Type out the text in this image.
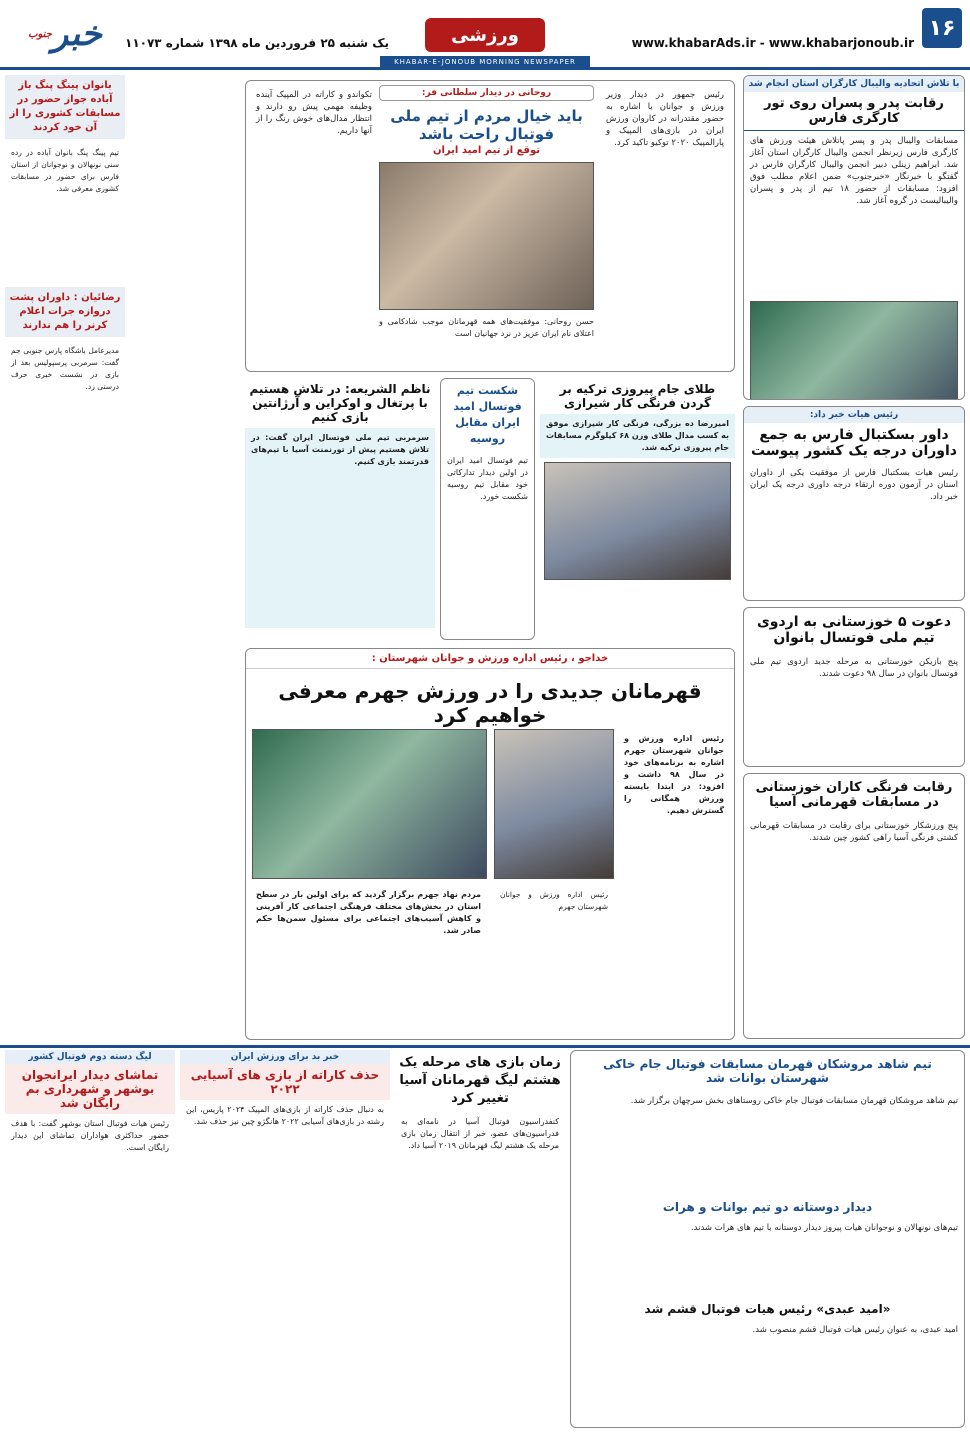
۱۶
www.khabarAds.ir - www.khabarjonoub.ir
ورزشی
یک شنبه ۲۵ فروردین ماه ۱۳۹۸ شماره ۱۱۰۷۳
KHABAR-E-JONOUB MORNING NEWSPAPER
خبر
جنوب
با تلاش اتحادیه والیبال کارگران استان انجام شد
رقابت پدر و پسران روی تور کارگری فارس
مسابقات والیبال پدر و پسر پاتلاش هیئت ورزش های کارگری فارس زیرنظر انجمن والیبال کارگران استان آغاز شد. ابراهیم زینلی دبیر انجمن والیبال کارگران فارس در گفتگو با خبرنگار «خبرجنوب» ضمن اعلام مطلب فوق افزود: مسابقات از حضور ۱۸ تیم از پدر و پسران والیبالیست در گروه آغاز شد.
رئیس هیات خبر داد:
داور بسکتبال فارس به جمع داوران درجه یک کشور پیوست
رئیس هیات بسکتبال فارس از موفقیت یکی از داوران استان در آزمون دوره ارتقاء درجه داوری درجه یک ایران خبر داد.
دعوت ۵ خوزستانی به اردوی تیم ملی فوتسال بانوان
پنج بازیکن خوزستانی به مرحله جدید اردوی تیم ملی فوتسال بانوان در سال ۹۸ دعوت شدند.
رقابت فرنگی کاران خوزستانی در مسابقات قهرمانی آسیا
پنج ورزشکار خوزستانی برای رقابت در مسابقات قهرمانی کشتی فرنگی آسیا راهی کشور چین شدند.
رئیس جمهور در دیدار وزیر ورزش و جوانان با اشاره به حضور مقتدرانه در کاروان ورزش ایران در بازی‌های المپیک و پارالمپیک ۲۰۲۰ توکیو تاکید کرد.
روحانی در دیدار سلطانی فر:
باید خیال مردم از تیم ملی فوتبال راحت باشد
توقع از تیم امید ایران
حسن روحانی: موفقیت‌های همه قهرمانان موجب شادکامی و اعتلای نام ایران عزیز در نزد جهانیان است
تکواندو و کاراته در المپیک آینده وظیفه مهمی پیش رو دارند و انتظار مدال‌های خوش رنگ را از آنها داریم.
طلای جام پیروزی ترکیه بر گردن فرنگی کار شیرازی
امیررضا ده بزرگی، فرنگی کار شیرازی موفق به کسب مدال طلای وزن ۶۸ کیلوگرم مسابقات جام پیروزی ترکیه شد.
شکست تیم فوتسال امید ایران مقابل روسیه
تیم فوتسال امید ایران در اولین دیدار تدارکاتی خود مقابل تیم روسیه شکست خورد.
ناظم الشریعه: در تلاش هستیم با پرتغال و اوکراین و آرژانتین بازی کنیم
سرمربی تیم ملی فوتسال ایران گفت: در تلاش هستیم پیش از تورنمنت آسیا با تیم‌های قدرتمند بازی کنیم.
خداجو ، رئیس اداره ورزش و جوانان شهرستان :
قهرمانان جدیدی را در ورزش جهرم معرفی خواهیم کرد
رئیس اداره ورزش و جوانان شهرستان جهرم اشاره به برنامه‌های خود در سال ۹۸ داشت و افزود: در ابتدا بایسته ورزش همگانی را گسترش دهیم.
رئیس اداره ورزش و جوانان شهرستان جهرم
مردم نهاد جهرم برگزار گردید که برای اولین بار در سطح استان در بخش‌های مختلف فرهنگی اجتماعی کار آفرینی و کاهش آسیب‌های اجتماعی برای مسئول سمن‌ها حکم صادر شد.
بانوان پینگ پنگ باز آباده جواز حضور در مسابقات کشوری را از آن خود کردند
تیم پینگ پنگ بانوان آباده در رده سنی نونهالان و نوجوانان از استان فارس برای حضور در مسابقات کشوری معرفی شد.
رضائیان : داوران پشت دروازه جرات اعلام کرنر را هم ندارند
مدیرعامل باشگاه پارس جنوبی جم گفت: سرمربی پرسپولیس بعد از بازی در نشست خبری حرف درستی زد.
تیم شاهد مروشکان قهرمان مسابقات فوتبال جام خاکی شهرستان بوانات شد
تیم شاهد مروشکان قهرمان مسابقات فوتبال جام خاکی روستاهای بخش سرچهان برگزار شد.
دیدار دوستانه دو تیم بوانات و هرات
تیم‌های نونهالان و نوجوانان هیات پیروز دیدار دوستانه با تیم های هرات شدند.
«امید عبدی» رئیس هیات فوتبال قشم شد
امید عبدی، به عنوان رئیس هیات فوتبال قشم منصوب شد.
زمان بازی های مرحله یک هشتم لیگ قهرمانان آسیا تغییر کرد
کنفدراسیون فوتبال آسیا در نامه‌ای به فدراسیون‌های عضو، خبر از انتقال زمان بازی مرحله یک هشتم لیگ قهرمانان ۲۰۱۹ آسیا داد.
خبر بد برای ورزش ایران
حذف کاراته از بازی های آسیایی ۲۰۲۲
به دنبال حذف کاراته از بازی‌های المپیک ۲۰۲۴ پاریس، این رشته در بازی‌های آسیایی ۲۰۲۲ هانگژو چین نیز حذف شد.
لیگ دسته دوم فوتبال کشور
تماشای دیدار ایرانجوان بوشهر و شهرداری بم رایگان شد
رئیس هیات فوتبال استان بوشهر گفت: با هدف حضور حداکثری هواداران تماشای این دیدار رایگان است.
